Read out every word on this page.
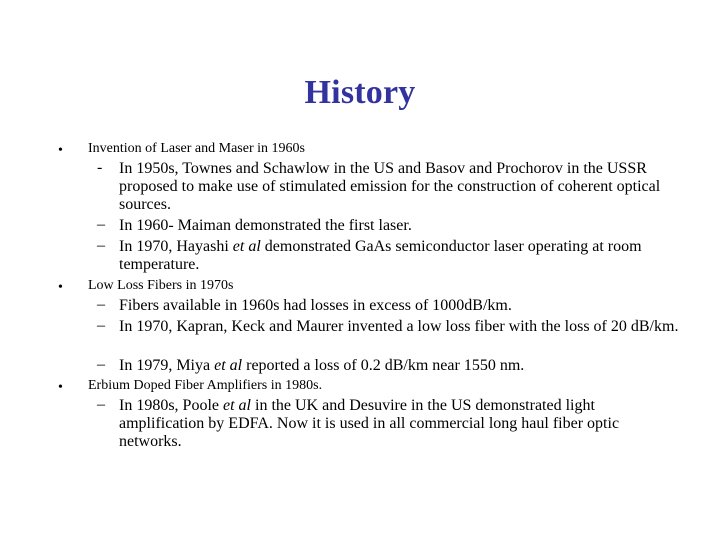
History
• Invention of Laser and Maser in 1960s
- In 1950s, Townes and Schawlow in the US and Basov and Prochorov in the USSR proposed to make use of stimulated emission for the construction of coherent optical sources.
– In 1960- Maiman demonstrated the first laser.
– In 1970, Hayashi et al demonstrated GaAs semiconductor laser operating at room temperature.
• Low Loss Fibers in 1970s
– Fibers available in 1960s had losses in excess of 1000dB/km.
– In 1970, Kapran, Keck and Maurer invented a low loss fiber with the loss of 20 dB/km.
– In 1979, Miya et al reported a loss of 0.2 dB/km near 1550 nm.
• Erbium Doped Fiber Amplifiers in 1980s.
– In 1980s, Poole et al in the UK and Desuvire in the US demonstrated light amplification by EDFA. Now it is used in all commercial long haul fiber optic networks.
